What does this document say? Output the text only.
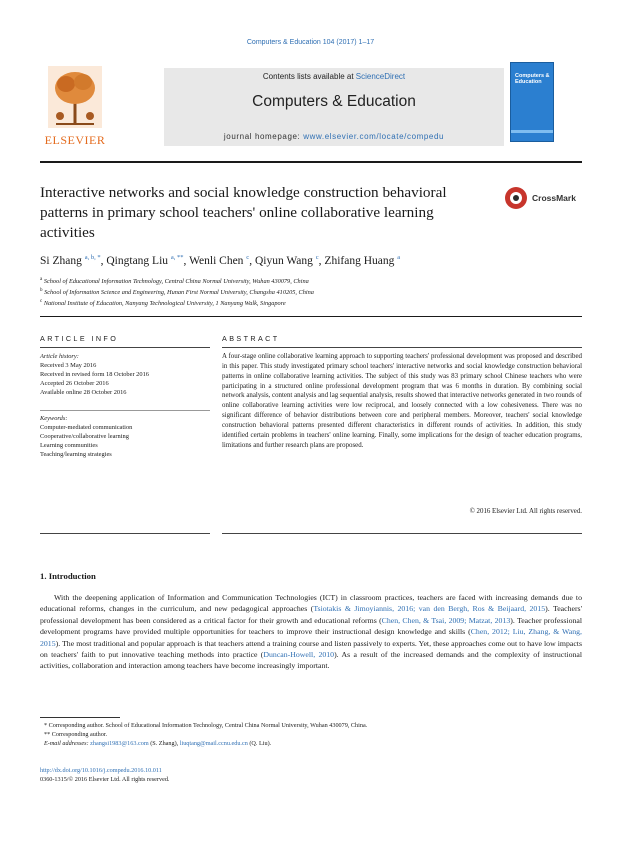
Computers & Education 104 (2017) 1–17
ELSEVIER
Contents lists available at ScienceDirect
Computers & Education
journal homepage: www.elsevier.com/locate/compedu
Computers & Education
Interactive networks and social knowledge construction behavioral patterns in primary school teachers' online collaborative learning activities
CrossMark
Si Zhang $^{a, b, *}$, Qingtang Liu $^{a, **}$, Wenli Chen $^c$, Qiyun Wang $^c$, Zhifang Huang $^a$
$^a$ School of Educational Information Technology, Central China Normal University, Wuhan 430079, China
$^b$ School of Information Science and Engineering, Hunan First Normal University, Changsha 410205, China
$^c$ National Institute of Education, Nanyang Technological University, 1 Nanyang Walk, Singapore
ARTICLE INFO
Article history:
Received 3 May 2016
Received in revised form 18 October 2016
Accepted 26 October 2016
Available online 28 October 2016
Keywords:
Computer-mediated communication
Cooperative/collaborative learning
Learning communities
Teaching/learning strategies
ABSTRACT

A four-stage online collaborative learning approach to supporting teachers' professional development was proposed and described in this paper. This study investigated primary school teachers' interactive networks and social knowledge construction behavioral patterns in online collaborative learning activities. The subject of this study was 83 primary school Chinese teachers who were participating in a structured online professional development program that was 6 months in duration. By combining social network analysis, content analysis and lag sequential analysis, results showed that interactive networks generated in two rounds of online collaborative learning activities were low reciprocal, and loosely connected with a low cohesiveness. There was no significant difference of behavior distributions between core and peripheral members. Moreover, teachers' social knowledge construction behavioral patterns presented different characteristics in different rounds of activities. In addition, this study identified certain problems in teachers' online learning. Finally, some implications for the design of teacher education programs, limitations and further research plans are proposed.

© 2016 Elsevier Ltd. All rights reserved.
1. Introduction

With the deepening application of Information and Communication Technologies (ICT) in classroom practices, teachers are faced with increasing demands due to educational reforms, changes in the curriculum, and new pedagogical approaches (Tsiotakis & Jimoyiannis, 2016; van den Bergh, Ros & Beijaard, 2015). Teachers' professional development has been considered as a critical factor for their growth and educational reforms (Chen, Chen, & Tsai, 2009; Matzat, 2013). Teacher professional development programs have provided multiple opportunities for teachers to improve their instructional design knowledge and skills (Chen, 2012; Liu, Zhang, & Wang, 2015). The most traditional and popular approach is that teachers attend a training course and listen passively to experts. Yet, these approaches come out to have low impacts on teachers' faith to put innovative teaching methods into practice (Duncan-Howell, 2010). As a result of the increased demands and the complexity of instructional activities, collaboration and interaction among teachers have become increasingly important.

* Corresponding author. School of Educational Information Technology, Central China Normal University, Wuhan 430079, China.
** Corresponding author.
E-mail addresses: zhangsi1983@163.com (S. Zhang), liuqtang@mail.ccnu.edu.cn (Q. Liu).
http://dx.doi.org/10.1016/j.compedu.2016.10.011
0360-1315/© 2016 Elsevier Ltd. All rights reserved.
